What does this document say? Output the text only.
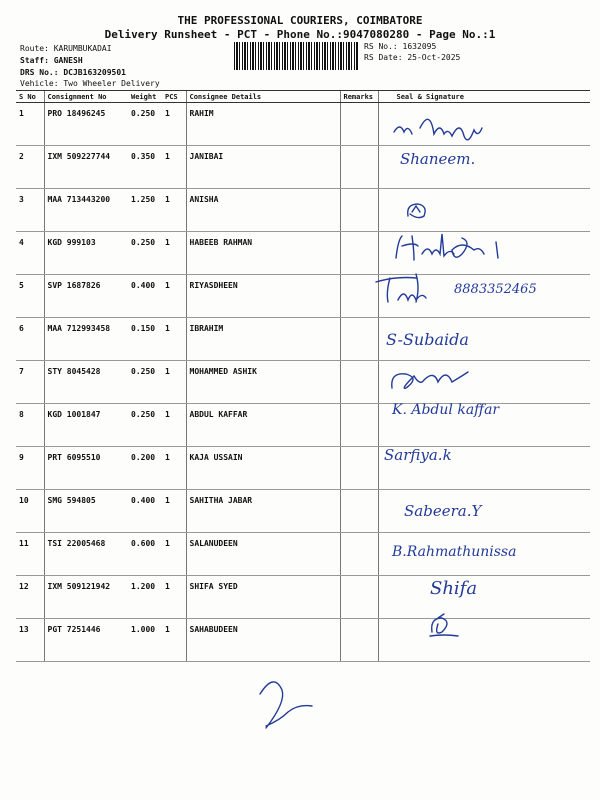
THE PROFESSIONAL COURIERS, COIMBATORE
Delivery Runsheet - PCT - Phone No.:9047080280 - Page No.:1
Route: KARUMBUKADAI
Staff: GANESH
DRS No.: DCJB163209501
Vehicle: Two Wheeler Delivery
RS No.: 1632095
RS Date: 25-Oct-2025
S No	Consignment No	Weight	PCS	Consignee Details	Remarks	Seal & Signature
1	PRO 18496245	0.250	1	RAHIM		
2	IXM 509227744	0.350	1	JANIBAI		
3	MAA 713443200	1.250	1	ANISHA		
4	KGD 999103	0.250	1	HABEEB RAHMAN		
5	SVP 1687826	0.400	1	RIYASDHEEN		
6	MAA 712993458	0.150	1	IBRAHIM		
7	STY 8045428	0.250	1	MOHAMMED ASHIK		
8	KGD 1001847	0.250	1	ABDUL KAFFAR		
9	PRT 6095510	0.200	1	KAJA USSAIN		
10	SMG 594805	0.400	1	SAHITHA JABAR		
11	TSI 22005468	0.600	1	SALANUDEEN		
12	IXM 509121942	1.200	1	SHIFA SYED		
13	PGT 7251446	1.000	1	SAHABUDEEN		
Shaneem.
8883352465
S-Subaida
K. Abdul kaffar
Sarfiya.k
Sabeera.Y
B.Rahmathunissa
Shifa
